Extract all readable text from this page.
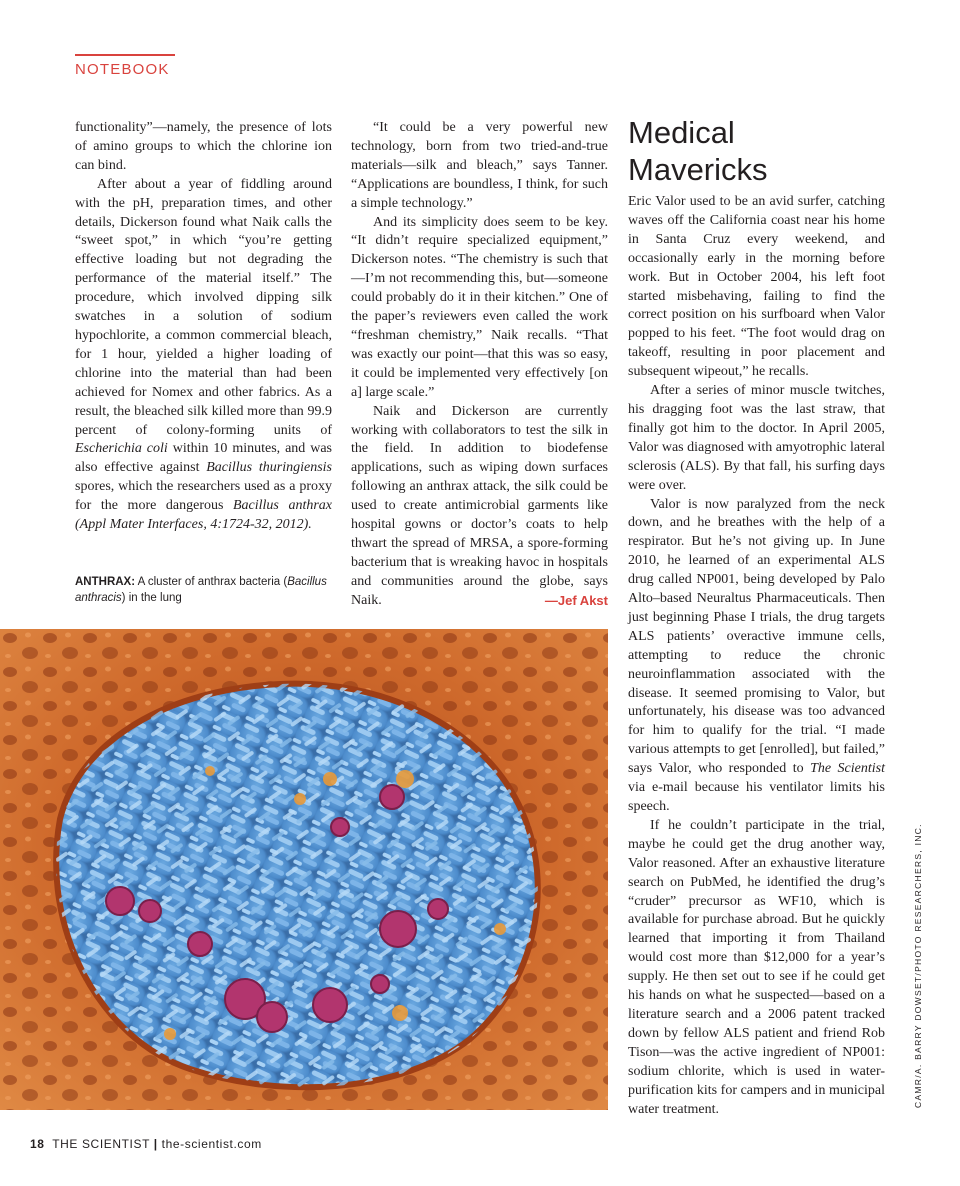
NOTEBOOK

functionality”—namely, the presence of lots of amino groups to which the chlorine ion can bind.

After about a year of fiddling around with the pH, preparation times, and other details, Dickerson found what Naik calls the “sweet spot,” in which “you’re getting effective loading but not degrading the performance of the material itself.” The procedure, which involved dipping silk swatches in a solution of sodium hypochlorite, a common commercial bleach, for 1 hour, yielded a higher loading of chlorine into the material than had been achieved for Nomex and other fabrics. As a result, the bleached silk killed more than 99.9 percent of colony-forming units of Escherichia coli within 10 minutes, and was also effective against Bacillus thuringiensis spores, which the researchers used as a proxy for the more dangerous Bacillus anthrax (Appl Mater Interfaces, 4:1724-32, 2012).

ANTHRAX: A cluster of anthrax bacteria (Bacillus anthracis) in the lung

“It could be a very powerful new technology, born from two tried-and-true materials—silk and bleach,” says Tanner. “Applications are boundless, I think, for such a simple technology.”

And its simplicity does seem to be key. “It didn’t require specialized equipment,” Dickerson notes. “The chemistry is such that—I’m not recommending this, but—someone could probably do it in their kitchen.” One of the paper’s reviewers even called the work “freshman chemistry,” Naik recalls. “That was exactly our point—that this was so easy, it could be implemented very effectively [on a] large scale.”

Naik and Dickerson are currently working with collaborators to test the silk in the field. In addition to biodefense applications, such as wiping down surfaces following an anthrax attack, the silk could be used to create antimicrobial garments like hospital gowns or doctor’s coats to help thwart the spread of MRSA, a spore-forming bacterium that is wreaking havoc in hospitals and communities around the globe, says Naik.	—Jef Akst

Medical
Mavericks

Eric Valor used to be an avid surfer, catching waves off the California coast near his home in Santa Cruz every weekend, and occasionally early in the morning before work. But in October 2004, his left foot started misbehaving, failing to find the correct position on his surfboard when Valor popped to his feet. “The foot would drag on takeoff, resulting in poor placement and subsequent wipeout,” he recalls.

After a series of minor muscle twitches, his dragging foot was the last straw, that finally got him to the doctor. In April 2005, Valor was diagnosed with amyotrophic lateral sclerosis (ALS). By that fall, his surfing days were over.

Valor is now paralyzed from the neck down, and he breathes with the help of a respirator. But he’s not giving up. In June 2010, he learned of an experimental ALS drug called NP001, being developed by Palo Alto–based Neuraltus Pharmaceuticals. Then just beginning Phase I trials, the drug targets ALS patients’ overactive immune cells, attempting to reduce the chronic neuroinflammation associated with the disease. It seemed promising to Valor, but unfortunately, his disease was too advanced for him to qualify for the trial. “I made various attempts to get [enrolled], but failed,” says Valor, who responded to The Scientist via e-mail because his ventilator limits his speech.

If he couldn’t participate in the trial, maybe he could get the drug another way, Valor reasoned. After an exhaustive literature search on PubMed, he identified the drug’s “cruder” precursor as WF10, which is available for purchase abroad. But he quickly learned that importing it from Thailand would cost more than $12,000 for a year’s supply. He then set out to see if he could get his hands on what he suspected—based on a literature search and a 2006 patent tracked down by fellow ALS patient and friend Rob Tison—was the active ingredient of NP001: sodium chlorite, which is used in water-purification kits for campers and in municipal water treatment.

CAMR/A. BARRY DOWSET/PHOTO RESEARCHERS, INC.
18 THE SCIENTIST | the-scientist.com
